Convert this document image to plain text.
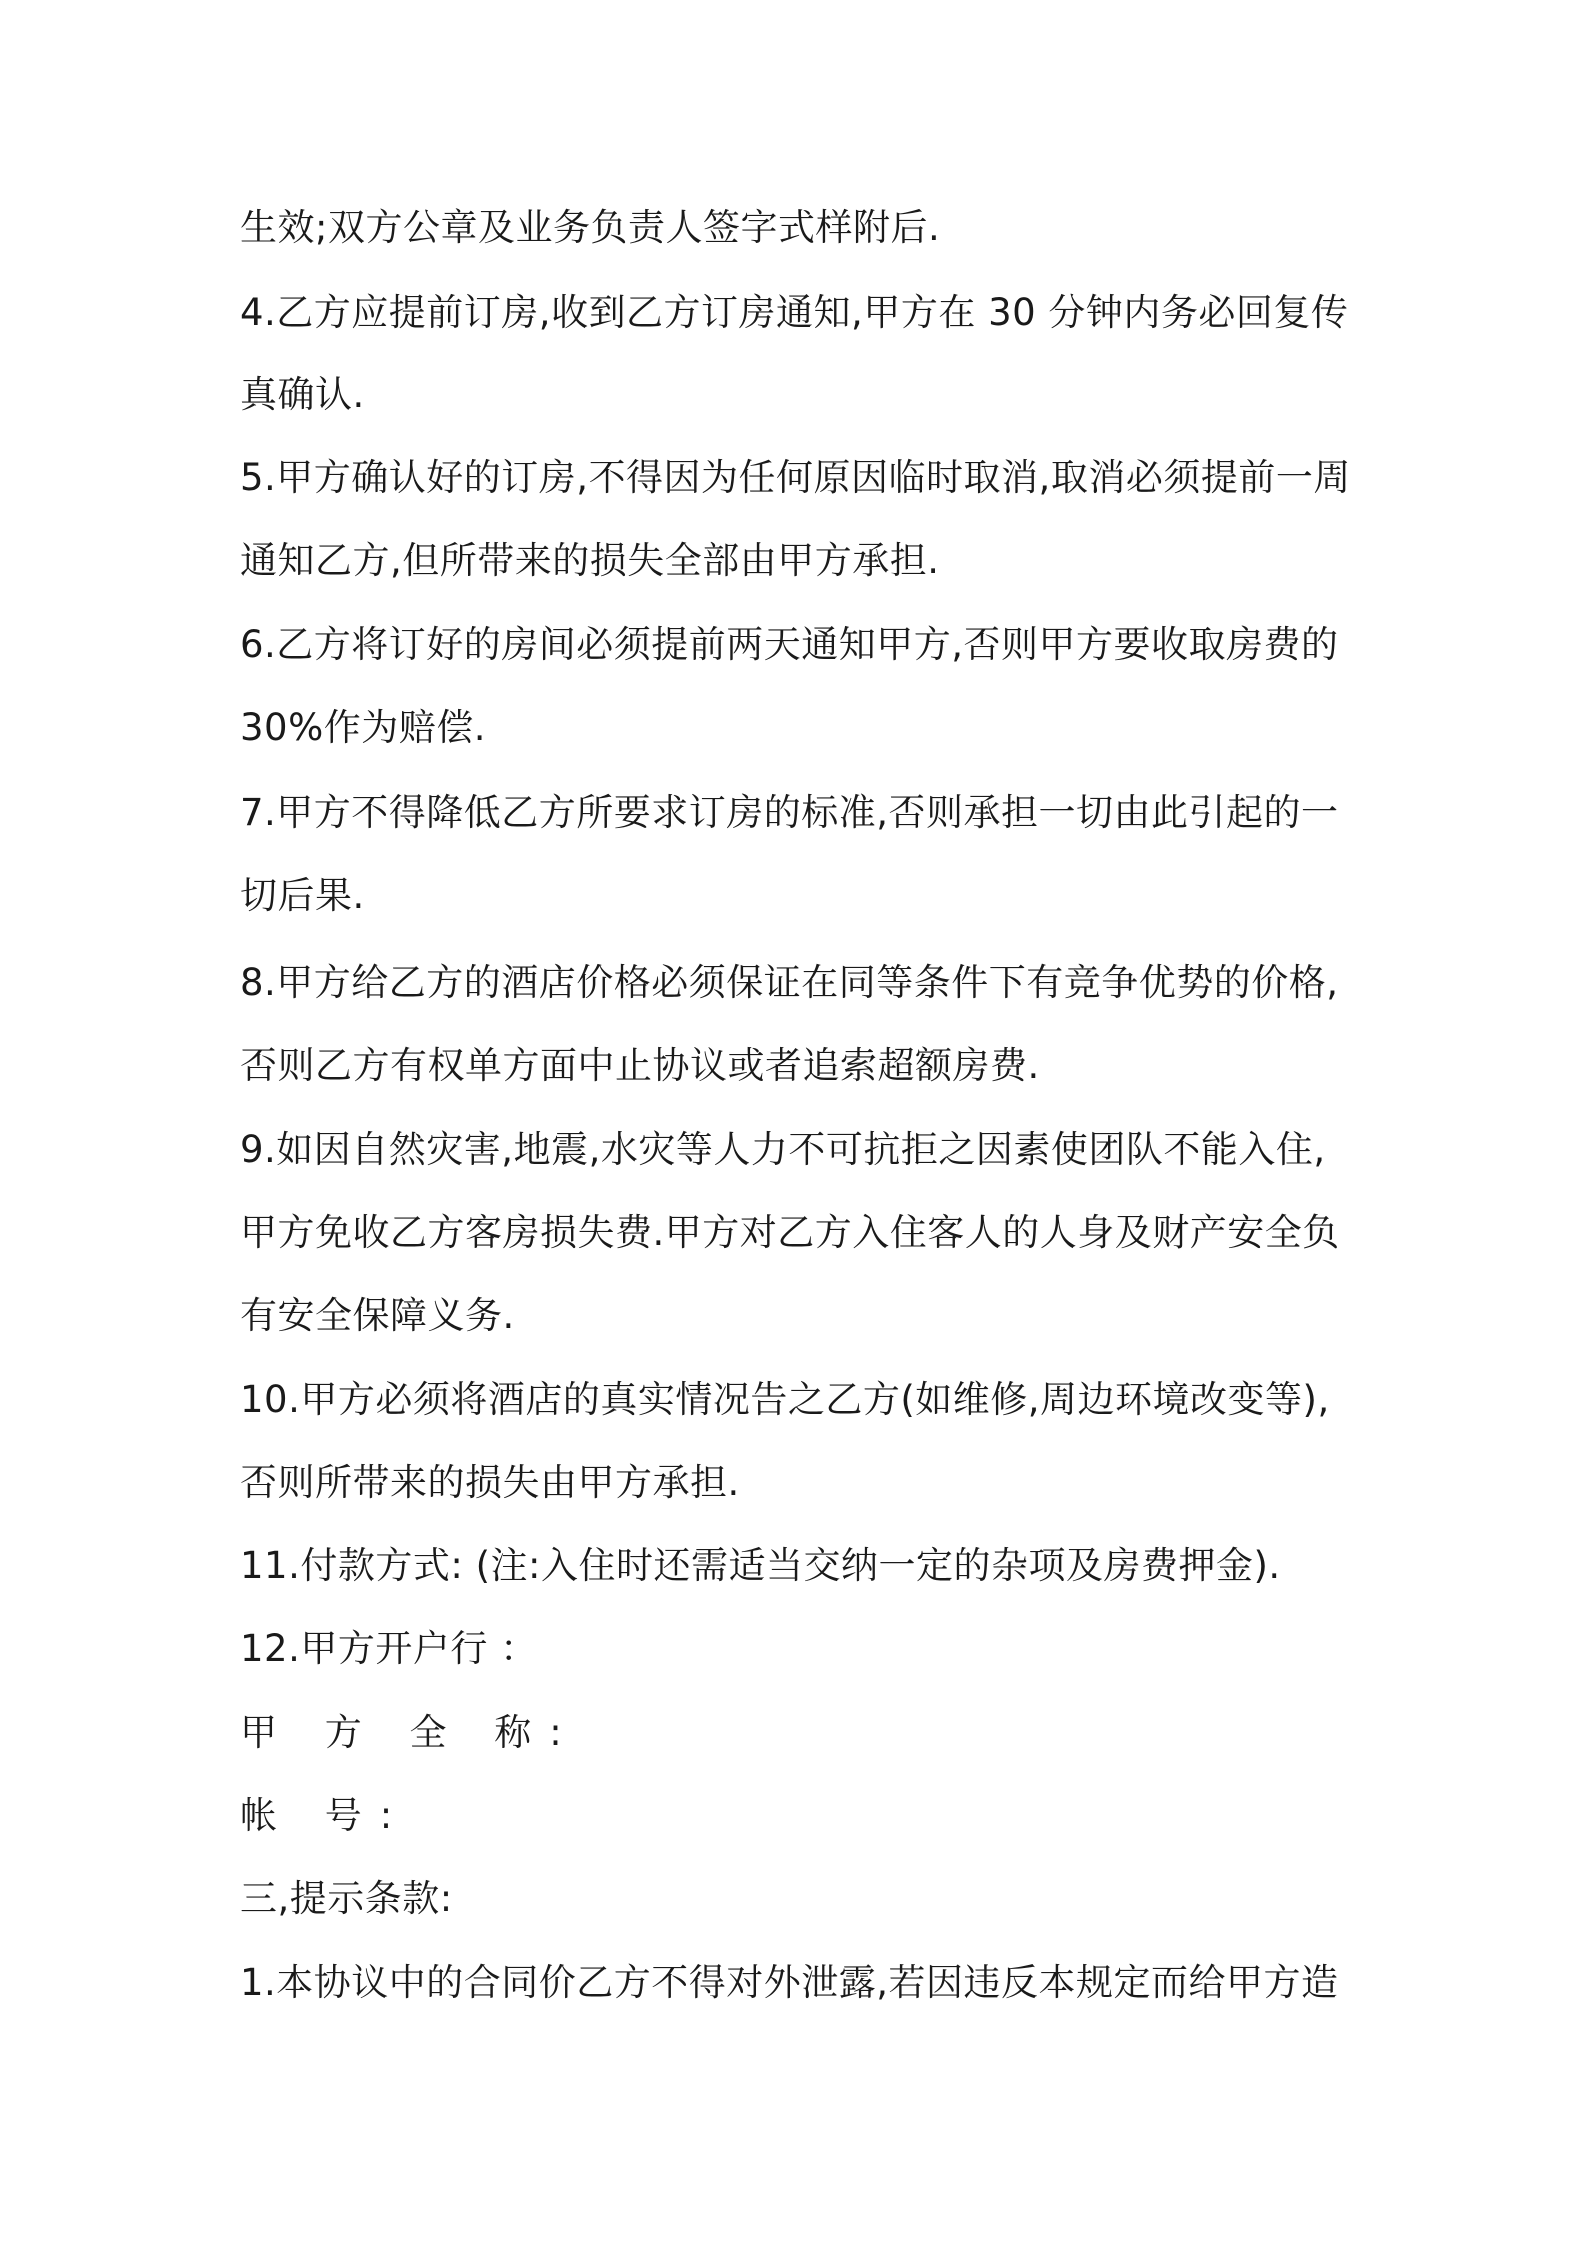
生效;双方公章及业务负责人签字式样附后.
4.乙方应提前订房,收到乙方订房通知,甲方在 30 分钟内务必回复传
真确认.
5.甲方确认好的订房,不得因为任何原因临时取消,取消必须提前一周
通知乙方,但所带来的损失全部由甲方承担.
6.乙方将订好的房间必须提前两天通知甲方,否则甲方要收取房费的
30%作为赔偿.
7.甲方不得降低乙方所要求订房的标准,否则承担一切由此引起的一
切后果.
8.甲方给乙方的酒店价格必须保证在同等条件下有竞争优势的价格,
否则乙方有权单方面中止协议或者追索超额房费.
9.如因自然灾害,地震,水灾等人力不可抗拒之因素使团队不能入住,
甲方免收乙方客房损失费.甲方对乙方入住客人的人身及财产安全负
有安全保障义务.
10.甲方必须将酒店的真实情况告之乙方(如维修,周边环境改变等),
否则所带来的损失由甲方承担.
11.付款方式: (注:入住时还需适当交纳一定的杂项及房费押金).
12.甲方开户行 ：
甲 方 全 称:
帐 号:
三,提示条款:
1.本协议中的合同价乙方不得对外泄露,若因违反本规定而给甲方造
